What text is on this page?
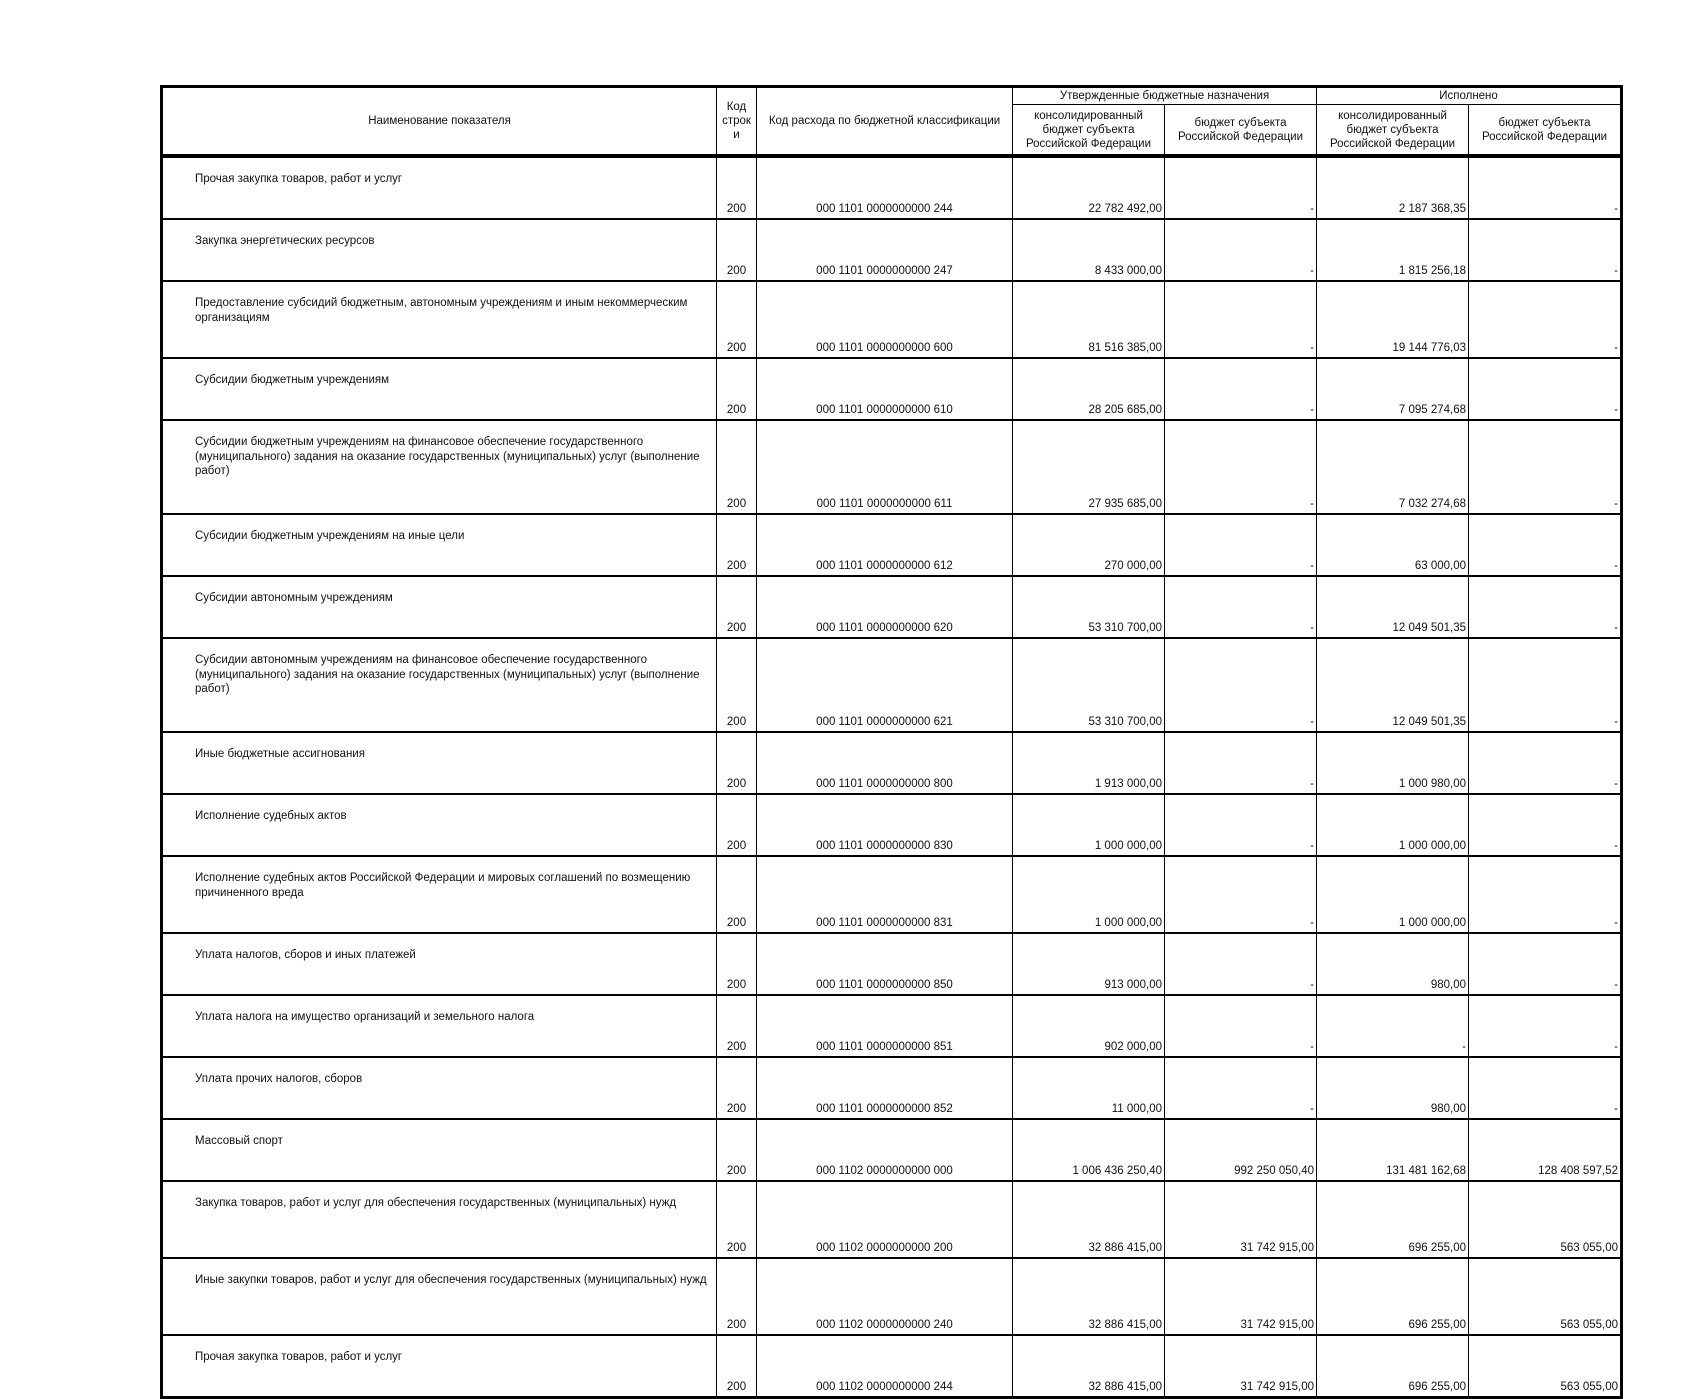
Наименование показателя	Код строк и	Код расхода по бюджетной классификации	Утвержденные бюджетные назначения		Исполнено	
			консолидированный бюджет субъекта Российской Федерации	бюджет субъекта Российской Федерации	консолидированный бюджет субъекта Российской Федерации	бюджет субъекта Российской Федерации
Прочая закупка товаров, работ и услуг	200	000 1101 0000000000 244	22 782 492,00	-	2 187 368,35	-
Закупка энергетических ресурсов	200	000 1101 0000000000 247	8 433 000,00	-	1 815 256,18	-
Предоставление субсидий бюджетным, автономным учреждениям и иным некоммерческим организациям	200	000 1101 0000000000 600	81 516 385,00	-	19 144 776,03	-
Субсидии бюджетным учреждениям	200	000 1101 0000000000 610	28 205 685,00	-	7 095 274,68	-
Субсидии бюджетным учреждениям на финансовое обеспечение государственного (муниципального) задания на оказание государственных (муниципальных) услуг (выполнение работ)	200	000 1101 0000000000 611	27 935 685,00	-	7 032 274,68	-
Субсидии бюджетным учреждениям на иные цели	200	000 1101 0000000000 612	270 000,00	-	63 000,00	-
Субсидии автономным учреждениям	200	000 1101 0000000000 620	53 310 700,00	-	12 049 501,35	-
Субсидии автономным учреждениям на финансовое обеспечение государственного (муниципального) задания на оказание государственных (муниципальных) услуг (выполнение работ)	200	000 1101 0000000000 621	53 310 700,00	-	12 049 501,35	-
Иные бюджетные ассигнования	200	000 1101 0000000000 800	1 913 000,00	-	1 000 980,00	-
Исполнение судебных актов	200	000 1101 0000000000 830	1 000 000,00	-	1 000 000,00	-
Исполнение судебных актов Российской Федерации и мировых соглашений по возмещению причиненного вреда	200	000 1101 0000000000 831	1 000 000,00	-	1 000 000,00	-
Уплата налогов, сборов и иных платежей	200	000 1101 0000000000 850	913 000,00	-	980,00	-
Уплата налога на имущество организаций и земельного налога	200	000 1101 0000000000 851	902 000,00	-	-	-
Уплата прочих налогов, сборов	200	000 1101 0000000000 852	11 000,00	-	980,00	-
Массовый спорт	200	000 1102 0000000000 000	1 006 436 250,40	992 250 050,40	131 481 162,68	128 408 597,52
Закупка товаров, работ и услуг для обеспечения государственных (муниципальных) нужд	200	000 1102 0000000000 200	32 886 415,00	31 742 915,00	696 255,00	563 055,00
Иные закупки товаров, работ и услуг для обеспечения государственных (муниципальных) нужд	200	000 1102 0000000000 240	32 886 415,00	31 742 915,00	696 255,00	563 055,00
Прочая закупка товаров, работ и услуг	200	000 1102 0000000000 244	32 886 415,00	31 742 915,00	696 255,00	563 055,00
